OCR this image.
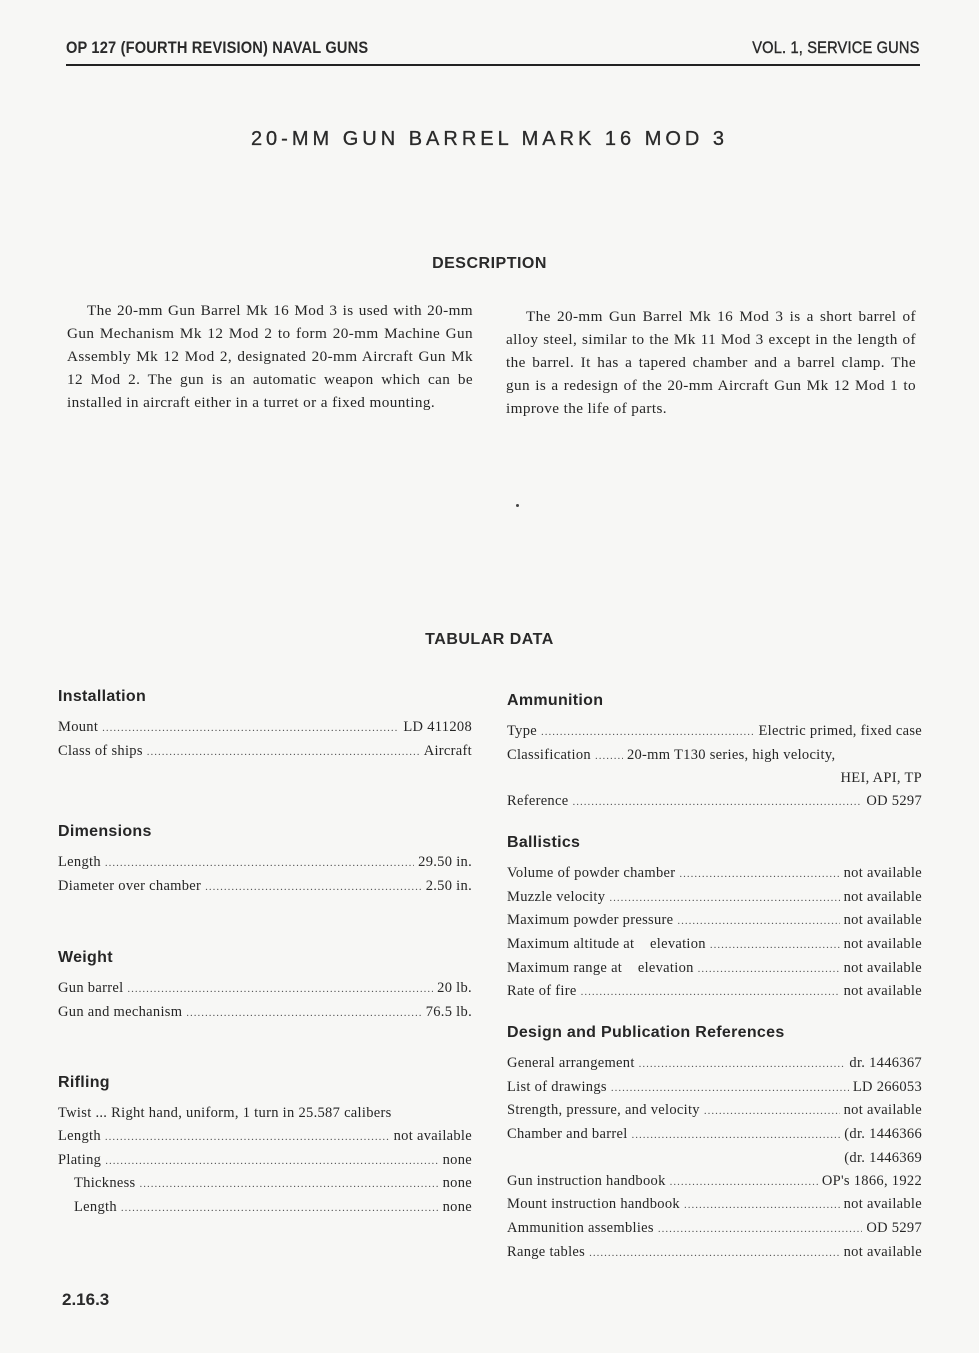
OP 127 (FOURTH REVISION) NAVAL GUNS	VOL. 1, SERVICE GUNS
20-MM GUN BARREL MARK 16 MOD 3
DESCRIPTION

The 20-mm Gun Barrel Mk 16 Mod 3 is used with 20-mm Gun Mechanism Mk 12 Mod 2 to form 20-mm Machine Gun Assembly Mk 12 Mod 2, designated 20-mm Aircraft Gun Mk 12 Mod 2. The gun is an automatic weapon which can be installed in aircraft either in a turret or a fixed mounting.

The 20-mm Gun Barrel Mk 16 Mod 3 is a short barrel of alloy steel, similar to the Mk 11 Mod 3 except in the length of the barrel. It has a tapered chamber and a barrel clamp. The gun is a redesign of the 20-mm Aircraft Gun Mk 12 Mod 1 to improve the life of parts.

TABULAR DATA
Installation
Mount .....	LD 411208
Class of ships .....	Aircraft
Dimensions
Length .....	29.50 in.
Diameter over chamber .....	2.50 in.
Weight
Gun barrel .....	20 lb.
Gun and mechanism .....	76.5 lb.
Rifling
Twist ...
Right hand, uniform, 1 turn in 25.587 calibers
Length .....	not available
Plating .....	none
Thickness .....	none
Length .....	none
Ammunition
Type .....	Electric primed, fixed case
Classification ..... 20-mm T130 series, high velocity,
HEI, API, TP
Reference .....	OD 5297
Ballistics
Volume of powder chamber .....	not available
Muzzle velocity .....	not available
Maximum powder pressure .....	not available
Maximum altitude at    elevation .....	not available
Maximum range at    elevation .....	not available
Rate of fire .....	not available
Design and Publication References
General arrangement .....	dr. 1446367
List of drawings .....	LD 266053
Strength, pressure, and velocity .....	not available
Chamber and barrel .....	(dr. 1446366
(dr. 1446369
Gun instruction handbook .....	OP's 1866, 1922
Mount instruction handbook .....	not available
Ammunition assemblies .....	OD 5297
Range tables .....	not available
2.16.3
